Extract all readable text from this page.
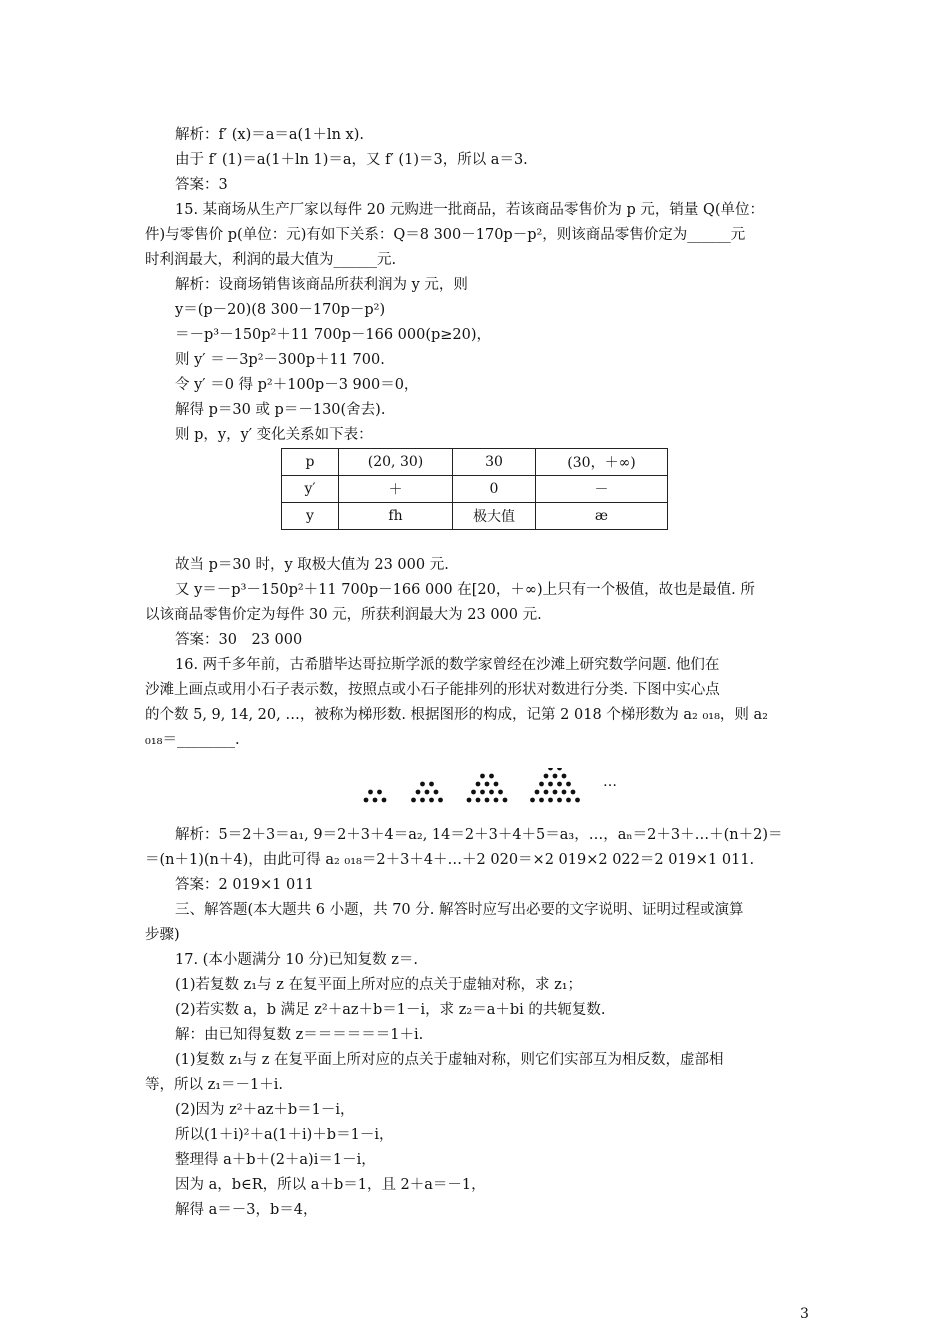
解析：f′ (x)＝a＝a(1＋ln x).

由于 f′ (1)＝a(1＋ln 1)＝a，又 f′ (1)＝3，所以 a＝3.

答案：3

15. 某商场从生产厂家以每件 20 元购进一批商品，若该商品零售价为 p 元，销量 Q(单位：

件)与零售价 p(单位：元)有如下关系：Q＝8 300－170p－p²，则该商品零售价定为______元

时利润最大，利润的最大值为______元.

解析：设商场销售该商品所获利润为 y 元，则

y＝(p－20)(8 300－170p－p²)

＝－p³－150p²＋11 700p－166 000(p≥20)，

则 y′ ＝－3p²－300p＋11 700.

令 y′ ＝0 得 p²＋100p－3 900＝0，

解得 p＝30 或 p＝－130(舍去).

则 p，y，y′ 变化关系如下表：

p	(20, 30)	30	(30，＋∞)
y′	＋	0	－
y	fh	极大值	æ

故当 p＝30 时，y 取极大值为 23 000 元.

又 y＝－p³－150p²＋11 700p－166 000 在[20，＋∞)上只有一个极值，故也是最值. 所

以该商品零售价定为每件 30 元，所获利润最大为 23 000 元.

答案：30　23 000

16. 两千多年前，古希腊毕达哥拉斯学派的数学家曾经在沙滩上研究数学问题. 他们在

沙滩上画点或用小石子表示数，按照点或小石子能排列的形状对数进行分类. 下图中实心点

的个数 5, 9, 14, 20, …，被称为梯形数. 根据图形的构成，记第 2 018 个梯形数为 a₂ ₀₁₈，则 a₂

₀₁₈＝________.

…

解析：5＝2＋3＝a₁, 9＝2＋3＋4＝a₂, 14＝2＋3＋4＋5＝a₃，…，aₙ＝2＋3＋…＋(n＋2)＝

＝(n＋1)(n＋4)，由此可得 a₂ ₀₁₈＝2＋3＋4＋…＋2 020＝×2 019×2 022＝2 019×1 011.

答案：2 019×1 011

三、解答题(本大题共 6 小题，共 70 分. 解答时应写出必要的文字说明、证明过程或演算

步骤)

17. (本小题满分 10 分)已知复数 z＝.

(1)若复数 z₁与 z 在复平面上所对应的点关于虚轴对称，求 z₁；

(2)若实数 a，b 满足 z²＋az＋b＝1－i，求 z₂＝a＋bi 的共轭复数.

解：由已知得复数 z＝＝＝＝＝＝1＋i.

(1)复数 z₁与 z 在复平面上所对应的点关于虚轴对称，则它们实部互为相反数，虚部相

等，所以 z₁＝－1＋i.

(2)因为 z²＋az＋b＝1－i，

所以(1＋i)²＋a(1＋i)＋b＝1－i，

整理得 a＋b＋(2＋a)i＝1－i，

因为 a，b∈R，所以 a＋b＝1，且 2＋a＝－1，

解得 a＝－3，b＝4，

3
